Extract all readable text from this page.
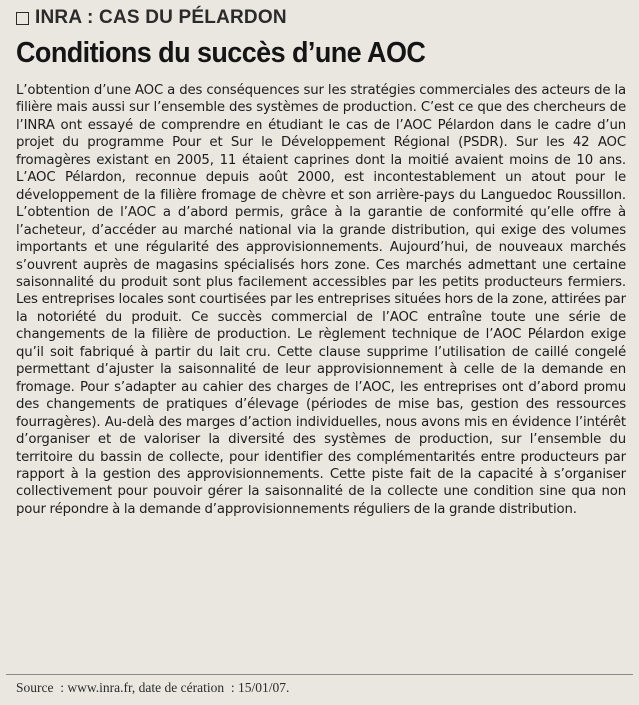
INRA : CAS DU PÉLARDON
Conditions du succès d’une AOC

L’obtention d’une AOC a des conséquences sur les stratégies commerciales des acteurs de la filière mais aussi sur l’ensemble des systèmes de production. C’est ce que des chercheurs de l’INRA ont essayé de comprendre en étudiant le cas de l’AOC Pélardon dans le cadre d’un projet du programme Pour et Sur le Développement Régional (PSDR). Sur les 42 AOC fromagères existant en 2005, 11 étaient caprines dont la moitié avaient moins de 10 ans. L’AOC Pélardon, reconnue depuis août 2000, est incontestablement un atout pour le développement de la filière fromage de chèvre et son arrière-pays du Languedoc Roussillon. L’obtention de l’AOC a d’abord permis, grâce à la garantie de conformité qu’elle offre à l’acheteur, d’accéder au marché national via la grande distribution, qui exige des volumes importants et une régularité des approvisionnements. Aujourd’hui, de nouveaux marchés s’ouvrent auprès de magasins spécialisés hors zone. Ces marchés admettant une certaine saisonnalité du produit sont plus facilement accessibles par les petits producteurs fermiers. Les entreprises locales sont courtisées par les entreprises situées hors de la zone, attirées par la notoriété du produit. Ce succès commercial de l’AOC entraîne toute une série de changements de la filière de production. Le règlement technique de l’AOC Pélardon exige qu’il soit fabriqué à partir du lait cru. Cette clause supprime l’utilisation de caillé congelé permettant d’ajuster la saisonnalité de leur approvisionnement à celle de la demande en fromage. Pour s’adapter au cahier des charges de l’AOC, les entreprises ont d’abord promu des changements de pratiques d’élevage (périodes de mise bas, gestion des ressources fourragères). Au-delà des marges d’action individuelles, nous avons mis en évidence l’intérêt d’organiser et de valoriser la diversité des systèmes de production, sur l’ensemble du territoire du bassin de collecte, pour identifier des complémentarités entre producteurs par rapport à la gestion des approvisionnements. Cette piste fait de la capacité à s’organiser collectivement pour pouvoir gérer la saisonnalité de la collecte une condition sine qua non pour répondre à la demande d’approvisionnements réguliers de la grande distribution.

Source  : www.inra.fr, date de cération  : 15/01/07.
